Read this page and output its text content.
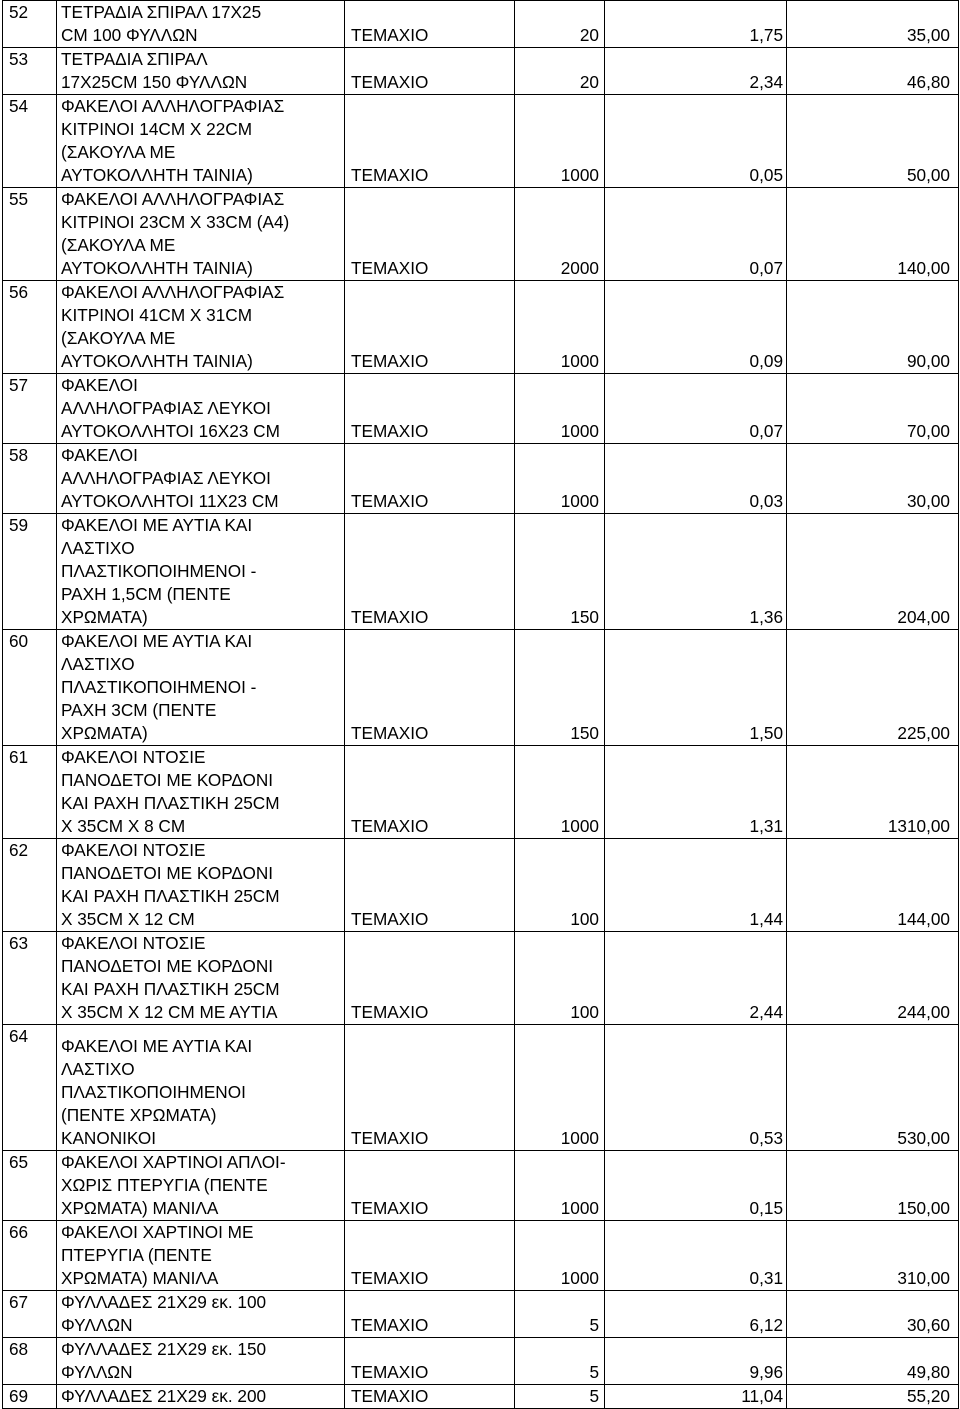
52	ΤΕΤΡΑΔΙΑ ΣΠΙΡΑΛ 17Χ25
CM 100 ΦΥΛΛΩΝ	ΤΕΜΑΧΙΟ	20	1,75	35,00
53	ΤΕΤΡΑΔΙΑ ΣΠΙΡΑΛ
17Χ25CM 150 ΦΥΛΛΩΝ	ΤΕΜΑΧΙΟ	20	2,34	46,80
54	ΦΑΚΕΛΟΙ ΑΛΛΗΛΟΓΡΑΦΙΑΣ
ΚΙΤΡΙΝΟΙ 14CM X 22CM
(ΣΑΚΟΥΛΑ ΜΕ
ΑΥΤΟΚΟΛΛΗΤΗ ΤΑΙΝΙΑ)	ΤΕΜΑΧΙΟ	1000	0,05	50,00
55	ΦΑΚΕΛΟΙ ΑΛΛΗΛΟΓΡΑΦΙΑΣ
ΚΙΤΡΙΝΟΙ 23CM X 33CM (A4)
(ΣΑΚΟΥΛΑ ΜΕ
ΑΥΤΟΚΟΛΛΗΤΗ ΤΑΙΝΙΑ)	ΤΕΜΑΧΙΟ	2000	0,07	140,00
56	ΦΑΚΕΛΟΙ ΑΛΛΗΛΟΓΡΑΦΙΑΣ
ΚΙΤΡΙΝΟΙ 41CM X 31CM
(ΣΑΚΟΥΛΑ ΜΕ
ΑΥΤΟΚΟΛΛΗΤΗ ΤΑΙΝΙΑ)	ΤΕΜΑΧΙΟ	1000	0,09	90,00
57	ΦΑΚΕΛΟΙ
ΑΛΛΗΛΟΓΡΑΦΙΑΣ ΛΕΥΚΟΙ
ΑΥΤΟΚΟΛΛΗΤΟΙ 16Χ23 CM	ΤΕΜΑΧΙΟ	1000	0,07	70,00
58	ΦΑΚΕΛΟΙ
ΑΛΛΗΛΟΓΡΑΦΙΑΣ ΛΕΥΚΟΙ
ΑΥΤΟΚΟΛΛΗΤΟΙ 11Χ23 CM	ΤΕΜΑΧΙΟ	1000	0,03	30,00
59	ΦΑΚΕΛΟΙ ΜΕ ΑΥΤΙΑ ΚΑΙ
ΛΑΣΤΙΧΟ
ΠΛΑΣΤΙΚΟΠΟΙΗΜΕΝΟΙ -
ΡΑΧΗ 1,5CM (ΠΕΝΤΕ
ΧΡΩΜΑΤΑ)	ΤΕΜΑΧΙΟ	150	1,36	204,00
60	ΦΑΚΕΛΟΙ ΜΕ ΑΥΤΙΑ ΚΑΙ
ΛΑΣΤΙΧΟ
ΠΛΑΣΤΙΚΟΠΟΙΗΜΕΝΟΙ -
ΡΑΧΗ 3CM (ΠΕΝΤΕ
ΧΡΩΜΑΤΑ)	ΤΕΜΑΧΙΟ	150	1,50	225,00
61	ΦΑΚΕΛΟΙ ΝΤΟΣΙΕ
ΠΑΝΟΔΕΤΟΙ ΜΕ ΚΟΡΔΟΝΙ
ΚΑΙ ΡΑΧΗ ΠΛΑΣΤΙΚΗ 25CM
Χ 35CM Χ 8 CM	ΤΕΜΑΧΙΟ	1000	1,31	1310,00
62	ΦΑΚΕΛΟΙ ΝΤΟΣΙΕ
ΠΑΝΟΔΕΤΟΙ ΜΕ ΚΟΡΔΟΝΙ
ΚΑΙ ΡΑΧΗ ΠΛΑΣΤΙΚΗ 25CM
Χ 35CM Χ 12 CM	ΤΕΜΑΧΙΟ	100	1,44	144,00
63	ΦΑΚΕΛΟΙ ΝΤΟΣΙΕ
ΠΑΝΟΔΕΤΟΙ ΜΕ ΚΟΡΔΟΝΙ
ΚΑΙ ΡΑΧΗ ΠΛΑΣΤΙΚΗ 25CM
Χ 35CM Χ 12 CM ΜΕ ΑΥΤΙΑ	ΤΕΜΑΧΙΟ	100	2,44	244,00
64	ΦΑΚΕΛΟΙ ΜΕ ΑΥΤΙΑ ΚΑΙ
ΛΑΣΤΙΧΟ
ΠΛΑΣΤΙΚΟΠΟΙΗΜΕΝΟΙ
(ΠΕΝΤΕ ΧΡΩΜΑΤΑ)
ΚΑΝΟΝΙΚΟΙ	ΤΕΜΑΧΙΟ	1000	0,53	530,00
65	ΦΑΚΕΛΟΙ ΧΑΡΤΙΝΟΙ ΑΠΛΟΙ-
ΧΩΡΙΣ ΠΤΕΡΥΓΙΑ (ΠΕΝΤΕ
ΧΡΩΜΑΤΑ) ΜΑΝΙΛΑ	ΤΕΜΑΧΙΟ	1000	0,15	150,00
66	ΦΑΚΕΛΟΙ ΧΑΡΤΙΝΟΙ ΜΕ
ΠΤΕΡΥΓΙΑ (ΠΕΝΤΕ
ΧΡΩΜΑΤΑ) ΜΑΝΙΛΑ	ΤΕΜΑΧΙΟ	1000	0,31	310,00
67	ΦΥΛΛΑΔΕΣ 21Χ29 εκ. 100
ΦΥΛΛΩΝ	ΤΕΜΑΧΙΟ	5	6,12	30,60
68	ΦΥΛΛΑΔΕΣ 21Χ29 εκ. 150
ΦΥΛΛΩΝ	ΤΕΜΑΧΙΟ	5	9,96	49,80
69	ΦΥΛΛΑΔΕΣ 21Χ29 εκ. 200	ΤΕΜΑΧΙΟ	5	11,04	55,20
